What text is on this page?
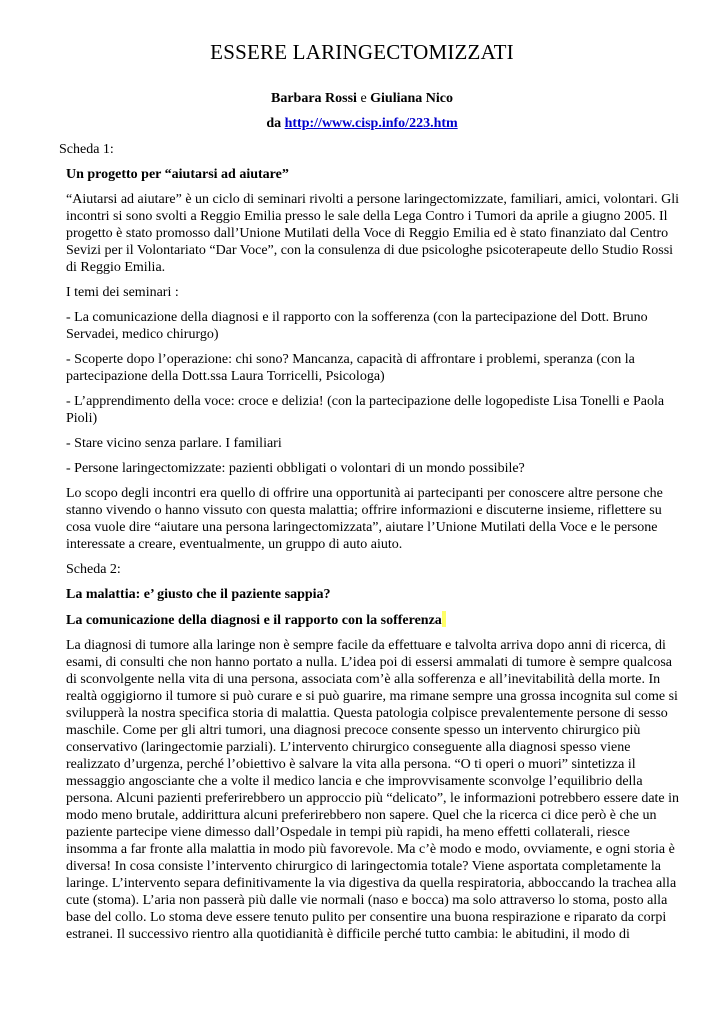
ESSERE LARINGECTOMIZZATI
Barbara Rossi e Giuliana Nico
da http://www.cisp.info/223.htm
Scheda 1:

Un progetto per “aiutarsi ad aiutare”

“Aiutarsi ad aiutare” è un ciclo di seminari rivolti a persone laringectomizzate, familiari, amici, volontari. Gli incontri si sono svolti a Reggio Emilia presso le sale della Lega Contro i Tumori da aprile a giugno 2005. Il progetto è stato promosso dall’Unione Mutilati della Voce di Reggio Emilia ed è stato finanziato dal Centro Sevizi per il Volontariato “Dar Voce”, con la consulenza di due psicologhe psicoterapeute dello Studio Rossi di Reggio Emilia.

I temi dei seminari :

- La comunicazione della diagnosi e il rapporto con la sofferenza (con la partecipazione del Dott. Bruno Servadei, medico chirurgo)

- Scoperte dopo l’operazione: chi sono? Mancanza, capacità di affrontare i problemi, speranza (con la partecipazione della Dott.ssa Laura Torricelli, Psicologa)

- L’apprendimento della voce: croce e delizia! (con la partecipazione delle logopediste Lisa Tonelli e Paola Pioli)

- Stare vicino senza parlare. I familiari

- Persone laringectomizzate: pazienti obbligati o volontari di un mondo possibile?

Lo scopo degli incontri era quello di offrire una opportunità ai partecipanti per conoscere altre persone che stanno vivendo o hanno vissuto con questa malattia; offrire informazioni e discuterne insieme, riflettere su cosa vuole dire “aiutare una persona laringectomizzata”, aiutare l’Unione Mutilati della Voce e le persone interessate a creare, eventualmente, un gruppo di auto aiuto.

Scheda 2:

La malattia: e’ giusto che il paziente sappia?

La comunicazione della diagnosi e il rapporto con la sofferenza

La diagnosi di tumore alla laringe non è sempre facile da effettuare e talvolta arriva dopo anni di ricerca, di esami, di consulti che non hanno portato a nulla. L’idea poi di essersi ammalati di tumore è sempre qualcosa di sconvolgente nella vita di una persona, associata com’è alla sofferenza e all’inevitabilità della morte. In realtà oggigiorno il tumore si può curare e si può guarire, ma rimane sempre una grossa incognita sul come si svilupperà la nostra specifica storia di malattia. Questa patologia colpisce prevalentemente persone di sesso maschile. Come per gli altri tumori, una diagnosi precoce consente spesso un intervento chirurgico più conservativo (laringectomie parziali). L’intervento chirurgico conseguente alla diagnosi spesso viene realizzato d’urgenza, perché l’obiettivo è salvare la vita alla persona. “O ti operi o muori” sintetizza il messaggio angosciante che a volte il medico lancia e che improvvisamente sconvolge l’equilibrio della persona. Alcuni pazienti preferirebbero un approccio più “delicato”, le informazioni potrebbero essere date in modo meno brutale, addirittura alcuni preferirebbero non sapere. Quel che la ricerca ci dice però è che un paziente partecipe viene dimesso dall’Ospedale in tempi più rapidi, ha meno effetti collaterali, riesce insomma a far fronte alla malattia in modo più favorevole. Ma c’è modo e modo, ovviamente, e ogni storia è diversa! In cosa consiste l’intervento chirurgico di laringectomia totale? Viene asportata completamente la laringe. L’intervento separa definitivamente la via digestiva da quella respiratoria, abboccando la trachea alla cute (stoma). L’aria non passerà più dalle vie normali (naso e bocca) ma solo attraverso lo stoma, posto alla base del collo. Lo stoma deve essere tenuto pulito per consentire una buona respirazione e riparato da corpi estranei. Il successivo rientro alla quotidianità è difficile perché tutto cambia: le abitudini, il modo di
